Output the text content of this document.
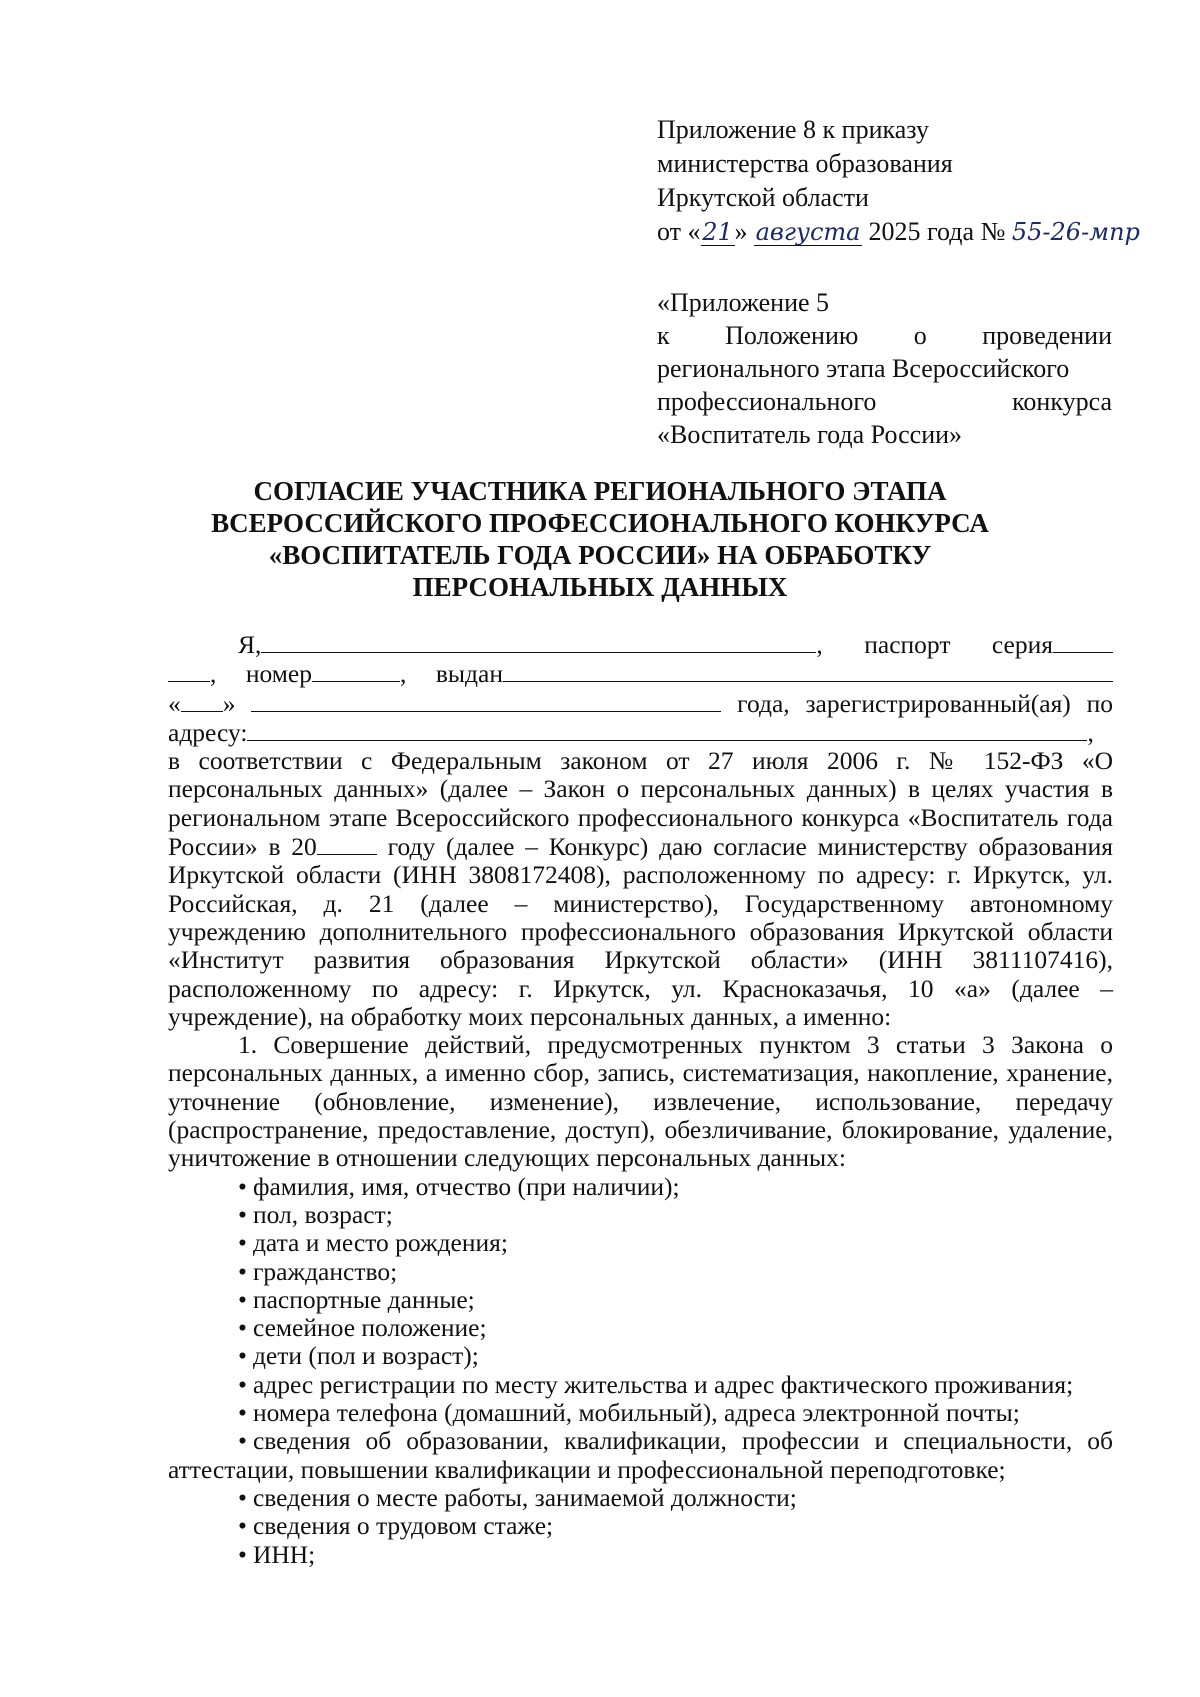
Приложение 8 к приказу
министерства образования
Иркутской области
от «21» августа 2025 года № 55-26-мпр
«Приложение 5
к Положению о проведении
регионального этапа Всероссийского
профессионального конкурса
«Воспитатель года России»
СОГЛАСИЕ УЧАСТНИКА РЕГИОНАЛЬНОГО ЭТАПА
ВСЕРОССИЙСКОГО ПРОФЕССИОНАЛЬНОГО КОНКУРСА
«ВОСПИТАТЕЛЬ ГОДА РОССИИ» НА ОБРАБОТКУ
ПЕРСОНАЛЬНЫХ ДАННЫХ
Я,	, паспорт серия
, номер	, выдан
« »	года, зарегистрированный(ая) по
адресу:	,
в соответствии с Федеральным законом от 27 июля 2006 г. № 152-ФЗ «О персональных данных» (далее – Закон о персональных данных) в целях участия в региональном этапе Всероссийского профессионального конкурса «Воспитатель года России» в 20 году (далее – Конкурс) даю согласие министерству образования Иркутской области (ИНН 3808172408), расположенному по адресу: г. Иркутск, ул. Российская, д. 21 (далее – министерство), Государственному автономному учреждению дополнительного профессионального образования Иркутской области «Институт развития образования Иркутской области» (ИНН 3811107416), расположенному по адресу: г. Иркутск, ул. Красноказачья, 10 «а» (далее – учреждение), на обработку моих персональных данных, а именно:
1. Совершение действий, предусмотренных пунктом 3 статьи 3 Закона о персональных данных, а именно сбор, запись, систематизация, накопление, хранение, уточнение (обновление, изменение), извлечение, использование, передачу (распространение, предоставление, доступ), обезличивание, блокирование, удаление, уничтожение в отношении следующих персональных данных:
• фамилия, имя, отчество (при наличии);
• пол, возраст;
• дата и место рождения;
• гражданство;
• паспортные данные;
• семейное положение;
• дети (пол и возраст);
• адрес регистрации по месту жительства и адрес фактического проживания;
• номера телефона (домашний, мобильный), адреса электронной почты;
• сведения об образовании, квалификации, профессии и специальности, об аттестации, повышении квалификации и профессиональной переподготовке;
• сведения о месте работы, занимаемой должности;
• сведения о трудовом стаже;
• ИНН;
